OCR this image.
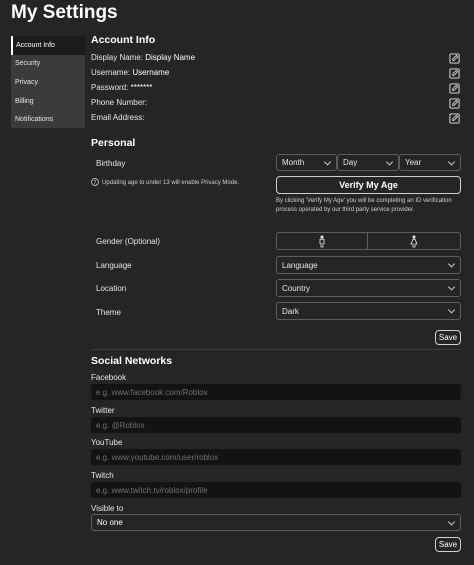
My Settings
Account Info
Security
Privacy
Billing
Notifications
Account Info
Display Name: Display Name
Username: Username
Password: *******
Phone Number:
Email Address:
Personal
Birthday	Month	Day	Year
? Updating age to under 13 will enable Privacy Mode.	Verify My Age
By clicking 'Verify My Age' you will be completing an ID verification process operated by our third party service provider.
Gender (Optional)
Language	Language
Location	Country
Theme	Dark
Save
Social Networks
Facebook
e.g. www.facebook.com/Roblox
Twitter
e.g. @Roblox
YouTube
e.g. www.youtube.com/user/roblox
Twitch
e.g. www.twitch.tv/roblox/profile
Visible to
No one
Save
